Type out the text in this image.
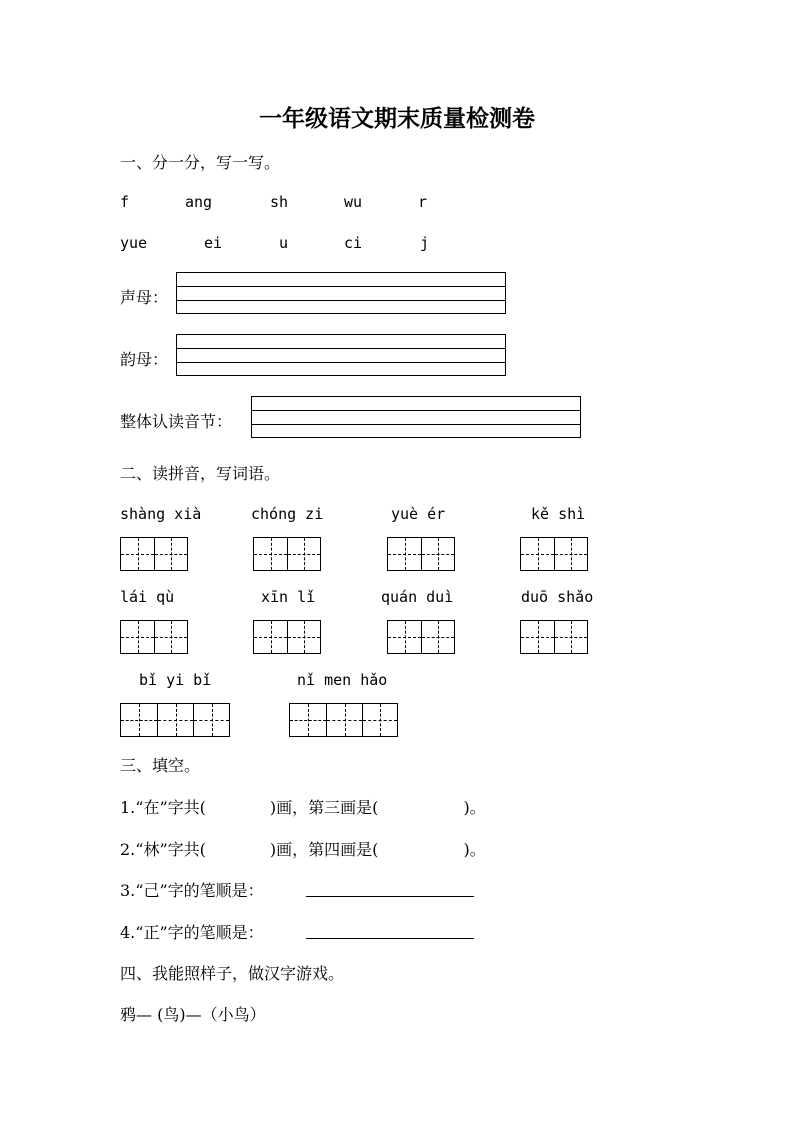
一年级语文期末质量检测卷
一、分一分，写一写。
f	ang	sh	wu	r
yue	ei	u	ci	j
声母：
韵母：
整体认读音节：
二、读拼音，写词语。
shàng xià	chóng zi	yuè ér	kě shì
lái qù	xīn lǐ	quán duì	duō shǎo
bǐ yi bǐ	nǐ men hǎo
三、填空。
1.“在”字共(　　　　)画，第三画是(　　　　　 )。
2.“林”字共(　　　　)画，第四画是(　　　　　 )。
3.“己”字的笔顺是：
4.“正”字的笔顺是：
四、我能照样子，做汉字游戏。
鸦— (鸟)—（小鸟）
